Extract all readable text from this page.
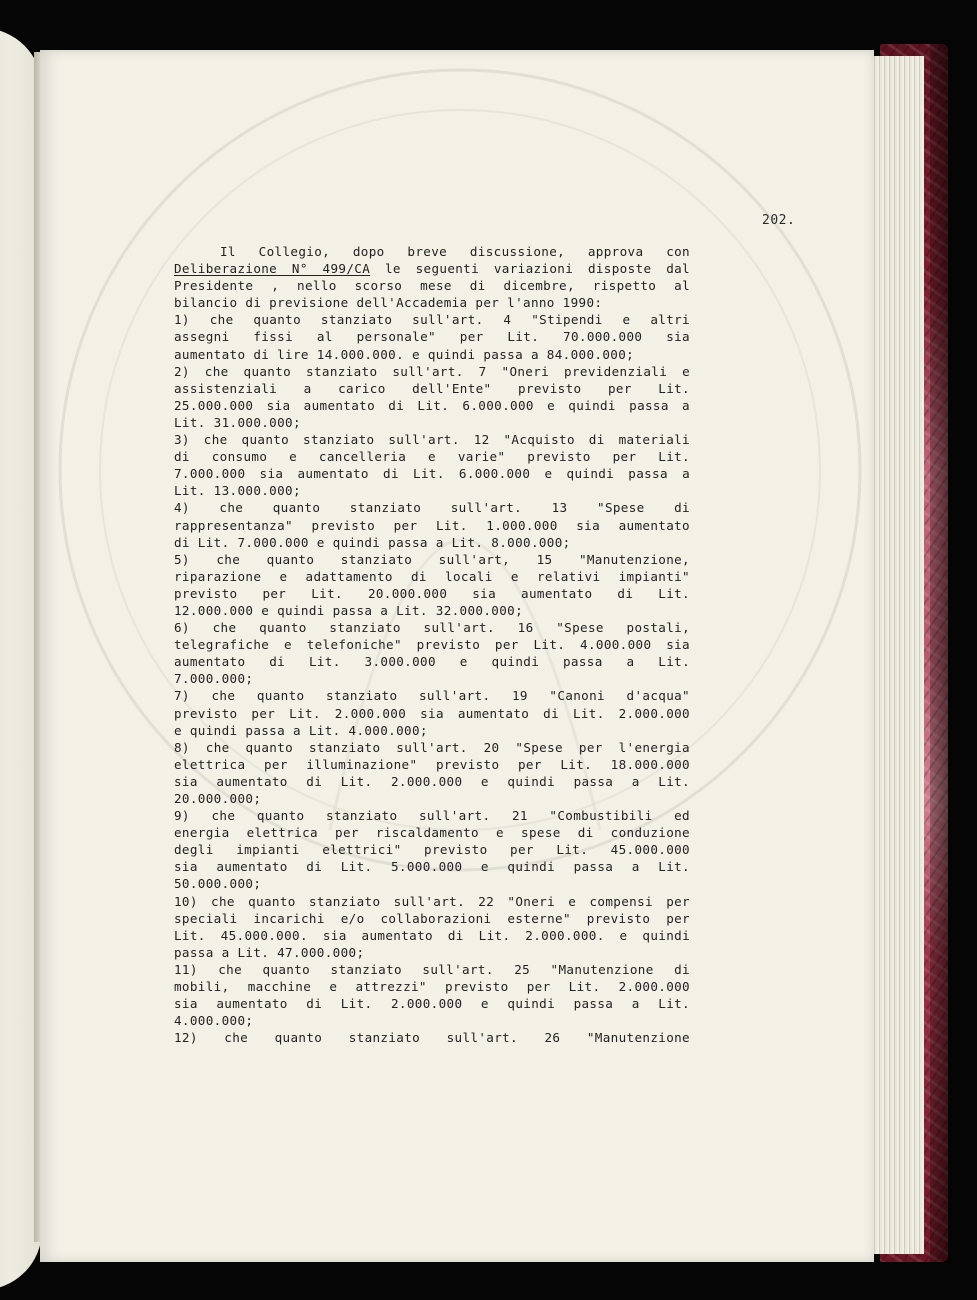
202.
Il Collegio, dopo breve discussione, approva con
Deliberazione N° 499/CA le seguenti variazioni disposte dal
Presidente , nello scorso mese di dicembre, rispetto al
bilancio di previsione dell'Accademia per l'anno 1990:
1) che quanto stanziato sull'art. 4 "Stipendi e altri
assegni fissi al personale" per Lit. 70.000.000 sia
aumentato di lire 14.000.000. e quindi passa a 84.000.000;
2) che quanto stanziato sull'art. 7 "Oneri previdenziali e
assistenziali a carico dell'Ente" previsto per Lit.
25.000.000 sia aumentato di Lit. 6.000.000 e quindi passa a
Lit. 31.000.000;
3) che quanto stanziato sull'art. 12 "Acquisto di materiali
di consumo e cancelleria e varie" previsto per Lit.
7.000.000 sia aumentato di Lit. 6.000.000 e quindi passa a
Lit. 13.000.000;
4) che quanto stanziato sull'art. 13 "Spese di
rappresentanza" previsto per Lit. 1.000.000 sia aumentato
di Lit. 7.000.000 e quindi passa a Lit. 8.000.000;
5) che quanto stanziato sull'art, 15 "Manutenzione,
riparazione e adattamento di locali e relativi impianti"
previsto per Lit. 20.000.000 sia aumentato di Lit.
12.000.000 e quindi passa a Lit. 32.000.000;
6) che quanto stanziato sull'art. 16 "Spese postali,
telegrafiche e telefoniche" previsto per Lit. 4.000.000 sia
aumentato di Lit. 3.000.000 e quindi passa a Lit.
7.000.000;
7) che quanto stanziato sull'art. 19 "Canoni d'acqua"
previsto per Lit. 2.000.000 sia aumentato di Lit. 2.000.000
e quindi passa a Lit. 4.000.000;
8) che quanto stanziato sull'art. 20 "Spese per l'energia
elettrica per illuminazione" previsto per Lit. 18.000.000
sia aumentato di Lit. 2.000.000 e quindi passa a Lit.
20.000.000;
9) che quanto stanziato sull'art. 21 "Combustibili ed
energia elettrica per riscaldamento e spese di conduzione
degli impianti elettrici" previsto per Lit. 45.000.000
sia aumentato di Lit. 5.000.000 e quindi passa a Lit.
50.000.000;
10) che quanto stanziato sull'art. 22 "Oneri e compensi per
speciali incarichi e/o collaborazioni esterne" previsto per
Lit. 45.000.000. sia aumentato di Lit. 2.000.000. e quindi
passa a Lit. 47.000.000;
11) che quanto stanziato sull'art. 25 "Manutenzione di
mobili, macchine e attrezzi" previsto per Lit. 2.000.000
sia aumentato di Lit. 2.000.000 e quindi passa a Lit.
4.000.000;
12) che quanto stanziato sull'art. 26 "Manutenzione
